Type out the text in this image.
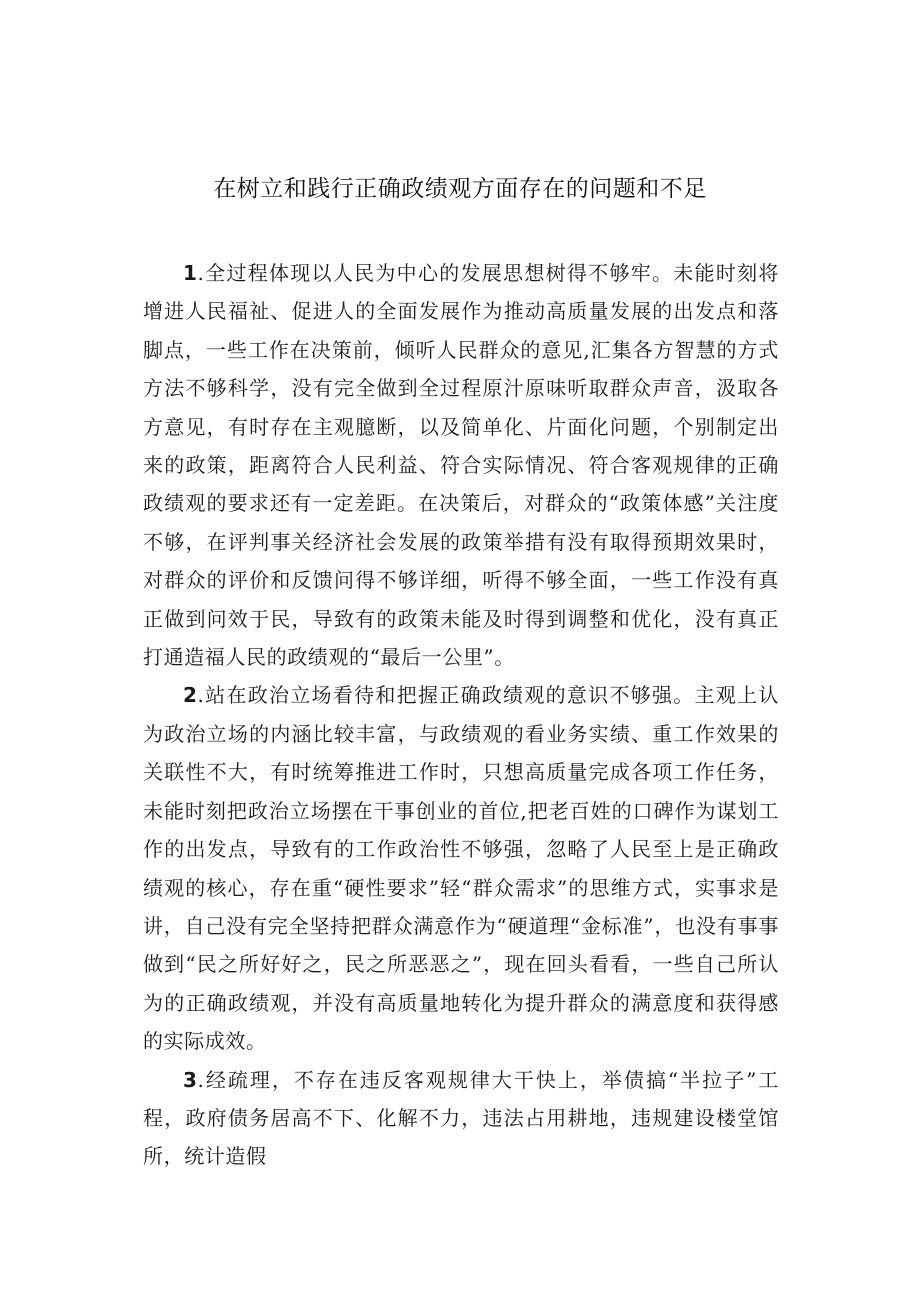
在树立和践行正确政绩观方面存在的问题和不足

1.全过程体现以人民为中心的发展思想树得不够牢。未能时刻将增进人民福祉、促进人的全面发展作为推动高质量发展的出发点和落脚点，一些工作在决策前，倾听人民群众的意见,汇集各方智慧的方式方法不够科学，没有完全做到全过程原汁原味听取群众声音，汲取各方意见，有时存在主观臆断，以及简单化、片面化问题，个别制定出来的政策，距离符合人民利益、符合实际情况、符合客观规律的正确政绩观的要求还有一定差距。在决策后，对群众的“政策体感”关注度不够，在评判事关经济社会发展的政策举措有没有取得预期效果时，对群众的评价和反馈问得不够详细，听得不够全面，一些工作没有真正做到问效于民，导致有的政策未能及时得到调整和优化，没有真正打通造福人民的政绩观的“最后一公里”。

2.站在政治立场看待和把握正确政绩观的意识不够强。主观上认为政治立场的内涵比较丰富，与政绩观的看业务实绩、重工作效果的关联性不大，有时统筹推进工作时，只想高质量完成各项工作任务，未能时刻把政治立场摆在干事创业的首位,把老百姓的口碑作为谋划工作的出发点，导致有的工作政治性不够强，忽略了人民至上是正确政绩观的核心，存在重“硬性要求”轻“群众需求”的思维方式，实事求是讲，自己没有完全坚持把群众满意作为“硬道理“金标准”，也没有事事做到“民之所好好之，民之所恶恶之”，现在回头看看，一些自己所认为的正确政绩观，并没有高质量地转化为提升群众的满意度和获得感的实际成效。

3.经疏理，不存在违反客观规律大干快上，举债搞“半拉子”工程，政府债务居高不下、化解不力，违法占用耕地，违规建设楼堂馆所，统计造假
